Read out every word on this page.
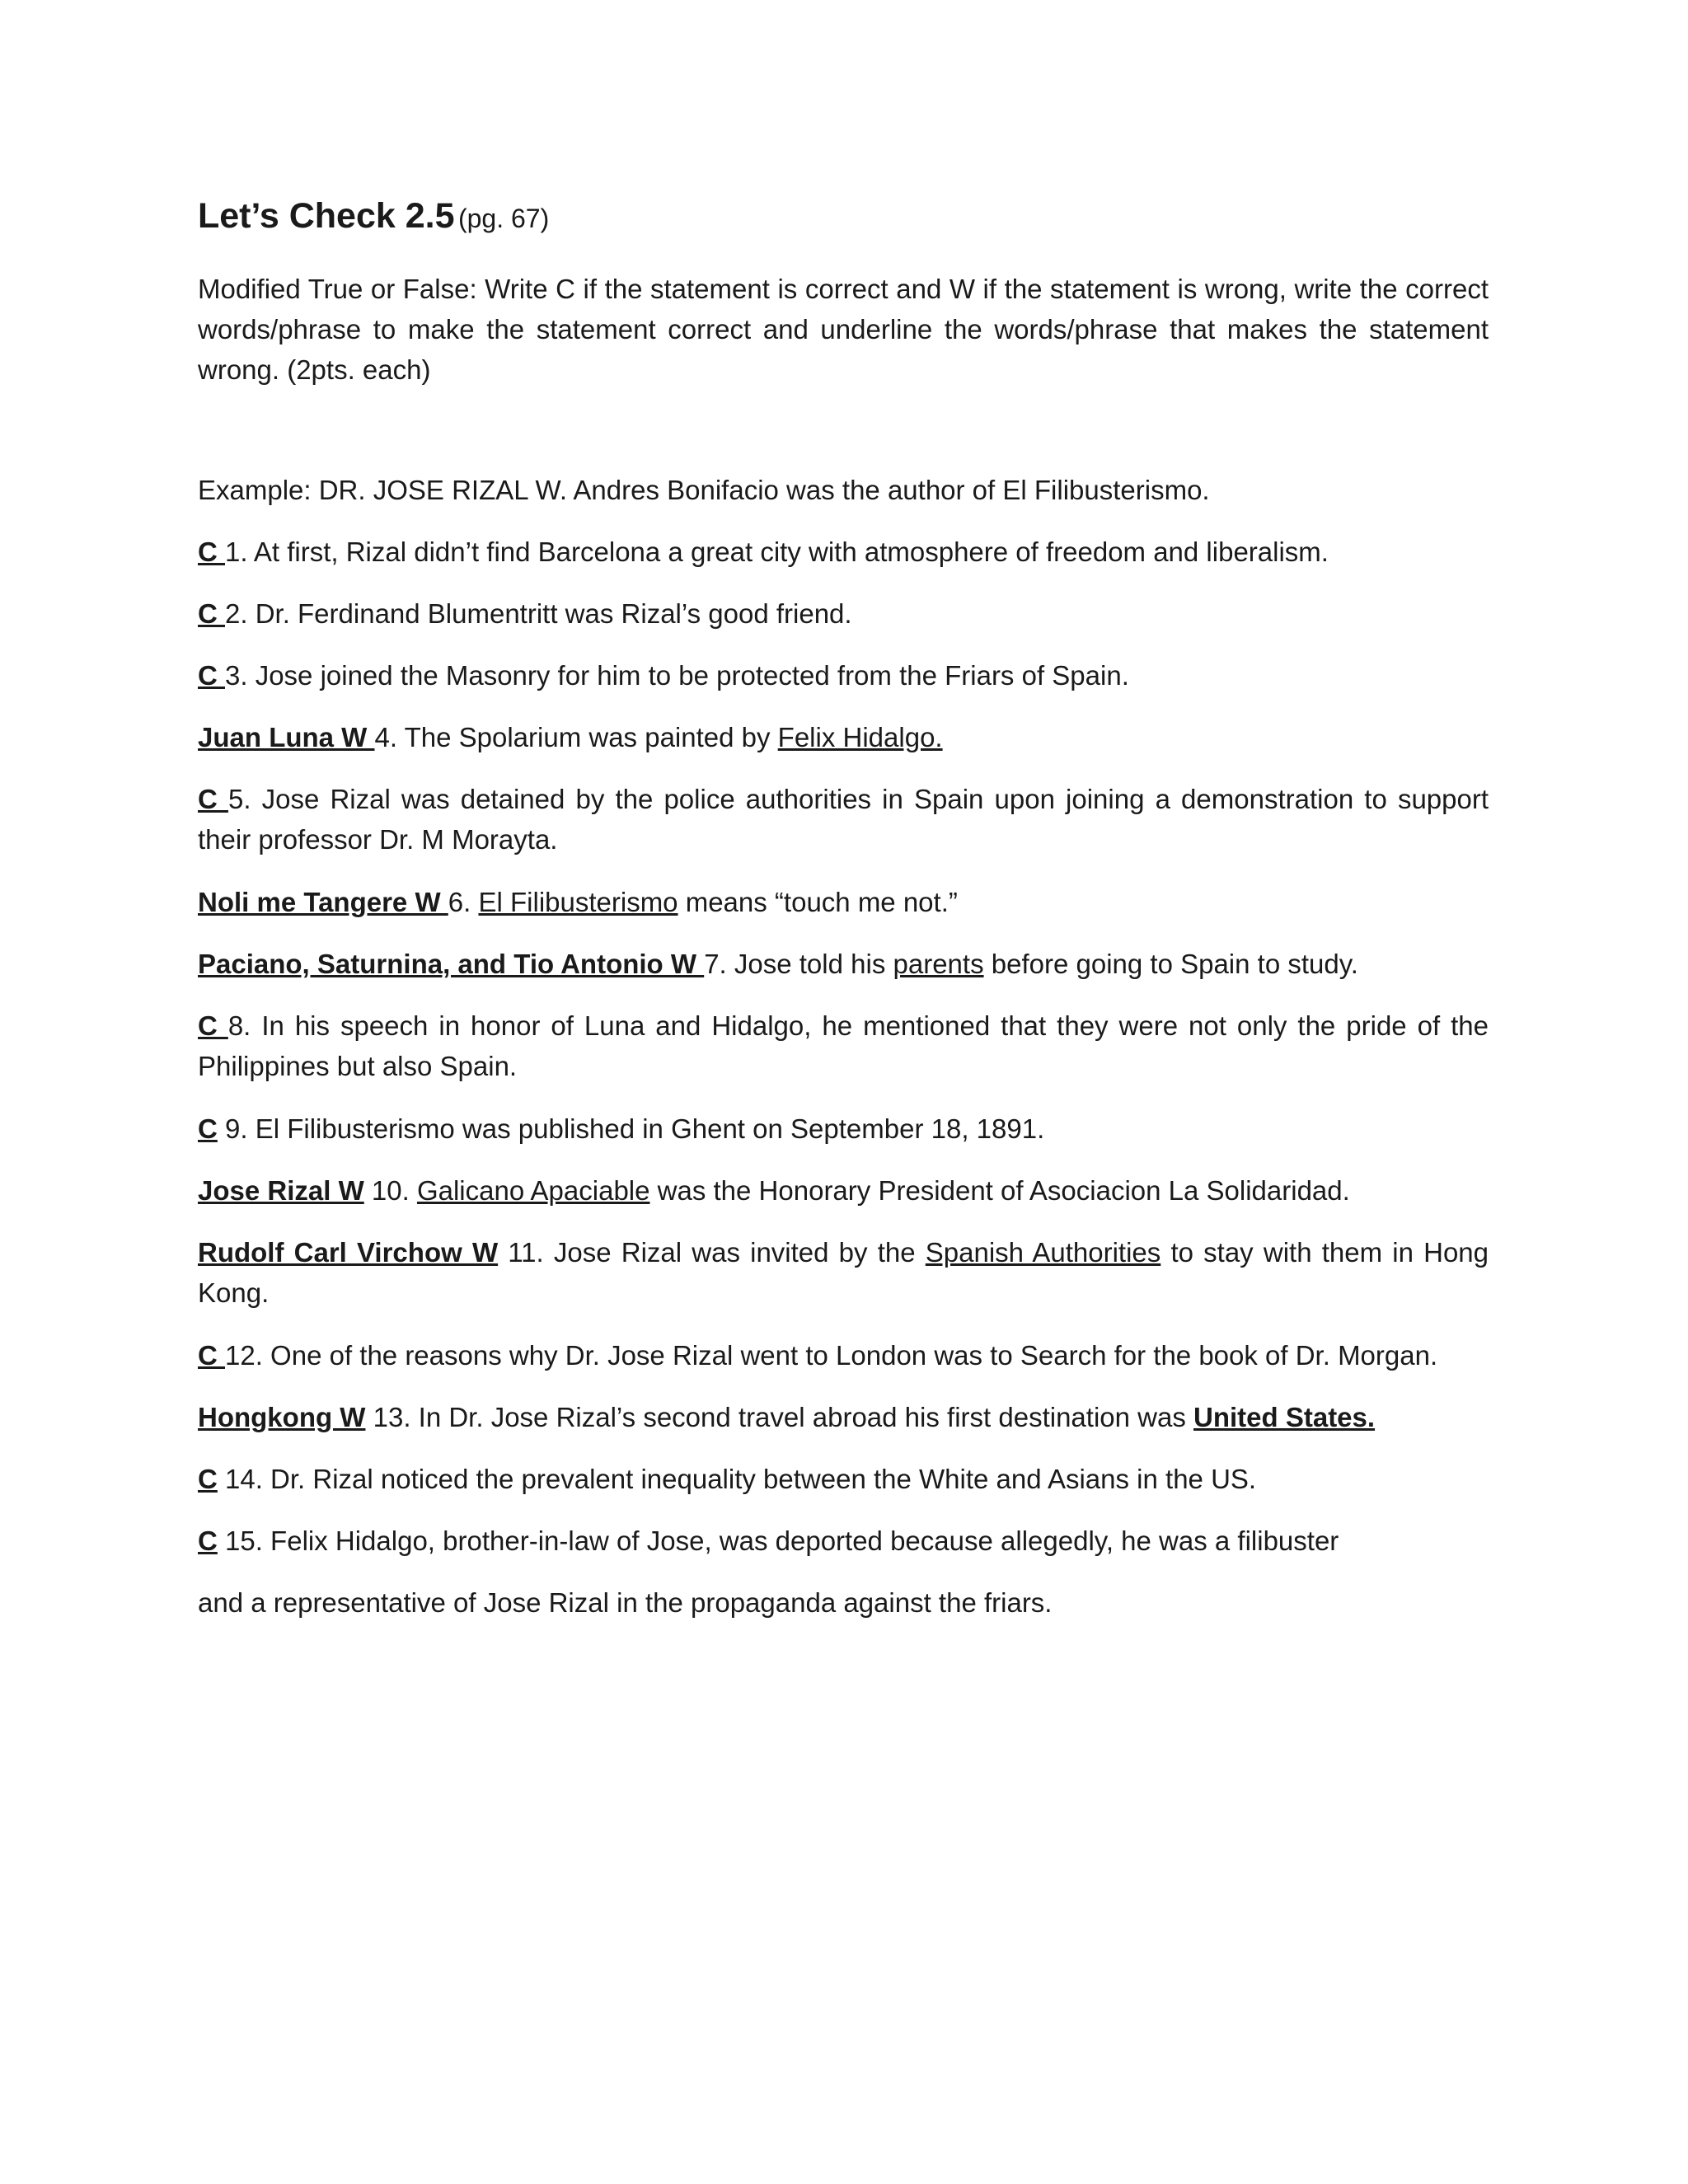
Let’s Check 2.5 (pg. 67)
Modified True or False: Write C if the statement is correct and W if the statement is wrong, write the correct words/phrase to make the statement correct and underline the words/phrase that makes the statement wrong. (2pts. each)
Example: DR. JOSE RIZAL W. Andres Bonifacio was the author of El Filibusterismo.
C 1. At first, Rizal didn’t find Barcelona a great city with atmosphere of freedom and liberalism.
C 2. Dr. Ferdinand Blumentritt was Rizal’s good friend.
C 3. Jose joined the Masonry for him to be protected from the Friars of Spain.
Juan Luna W 4. The Spolarium was painted by Felix Hidalgo.
C 5. Jose Rizal was detained by the police authorities in Spain upon joining a demonstration to support their professor Dr. M Morayta.
Noli me Tangere W 6. El Filibusterismo means “touch me not.”
Paciano, Saturnina, and Tio Antonio W 7. Jose told his parents before going to Spain to study.
C 8. In his speech in honor of Luna and Hidalgo, he mentioned that they were not only the pride of the Philippines but also Spain.
C 9. El Filibusterismo was published in Ghent on September 18, 1891.
Jose Rizal W 10. Galicano Apaciable was the Honorary President of Asociacion La Solidaridad.
Rudolf Carl Virchow W 11. Jose Rizal was invited by the Spanish Authorities to stay with them in Hong Kong.
C 12. One of the reasons why Dr. Jose Rizal went to London was to Search for the book of Dr. Morgan.
Hongkong W 13. In Dr. Jose Rizal’s second travel abroad his first destination was United States.
C 14. Dr. Rizal noticed the prevalent inequality between the White and Asians in the US.
C 15. Felix Hidalgo, brother-in-law of Jose, was deported because allegedly, he was a filibuster
and a representative of Jose Rizal in the propaganda against the friars.
